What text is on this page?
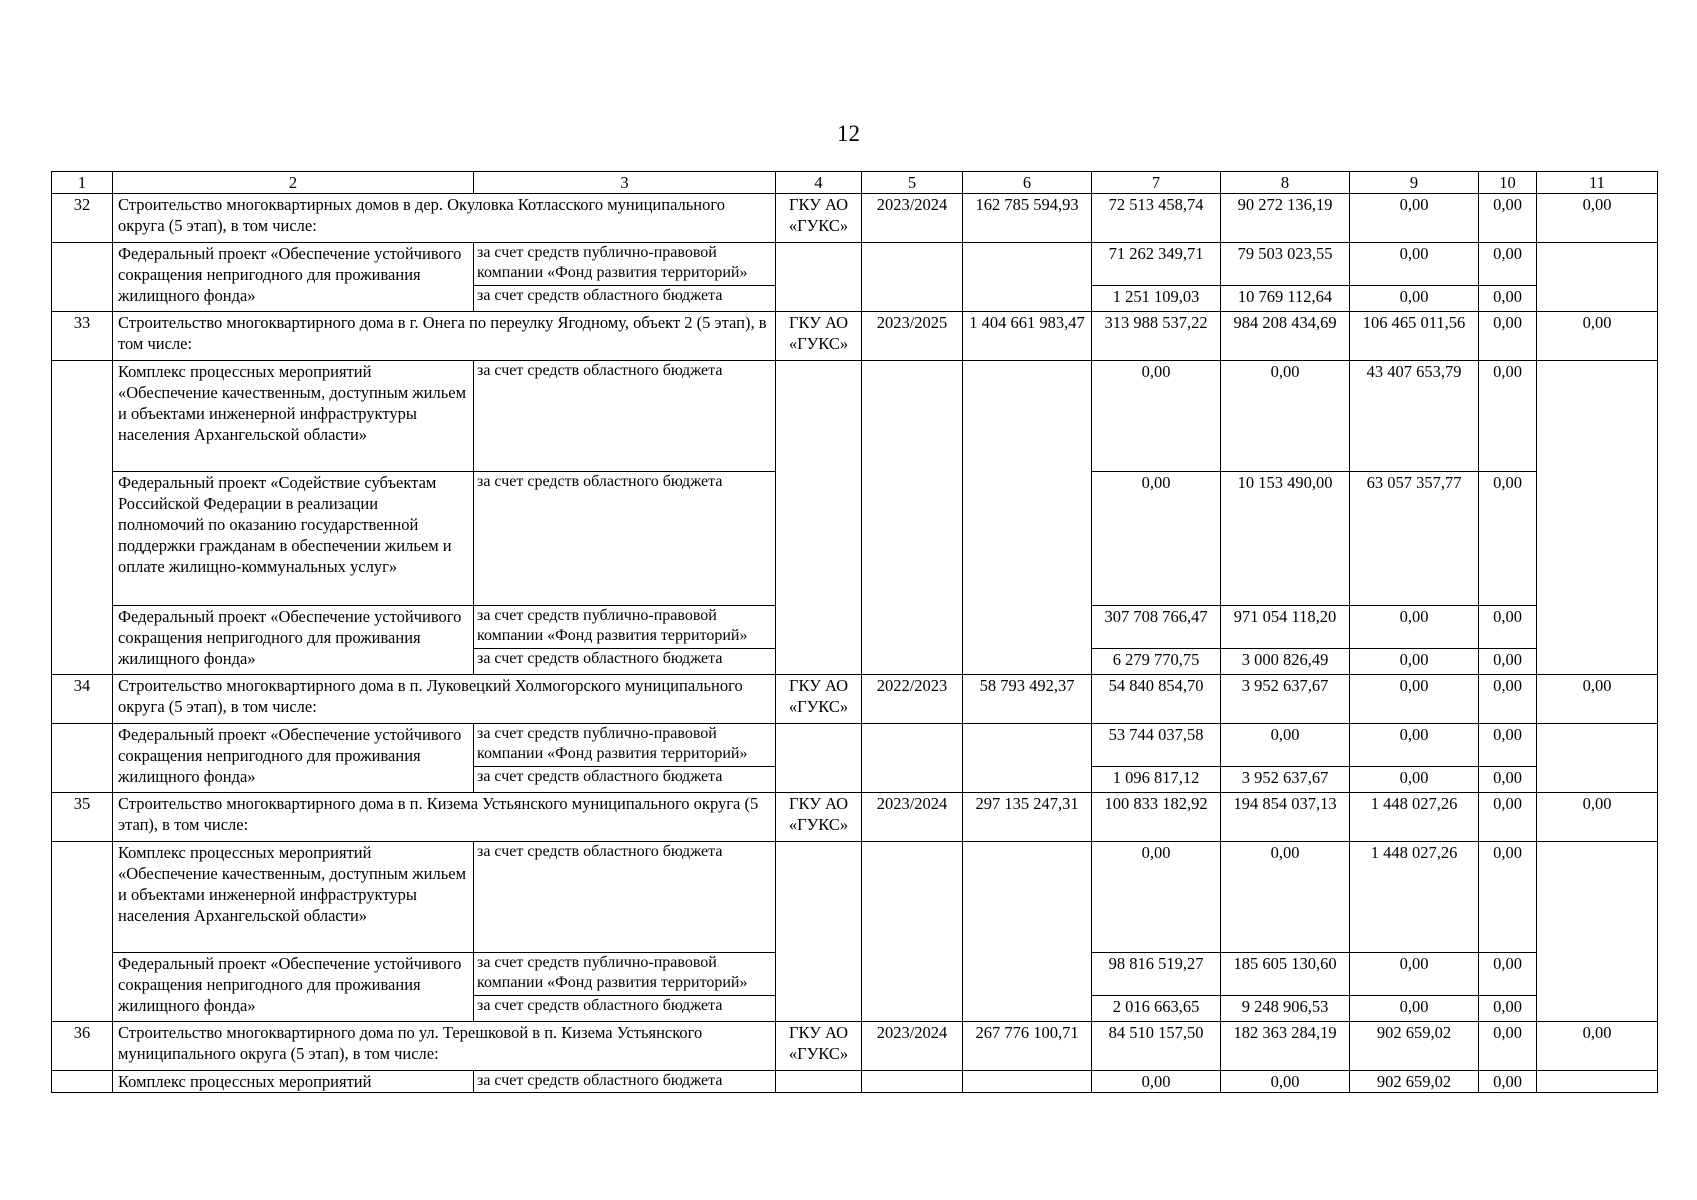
12
1	2	3	4	5	6	7	8	9	10	11
32	Строительство многоквартирных домов в дер. Окуловка Котласского муниципального округа (5 этап), в том числе:		ГКУ АО «ГУКС»	2023/2024	162 785 594,93	72 513 458,74	90 272 136,19	0,00	0,00	0,00
	Федеральный проект «Обеспечение устойчивого сокращения непригодного для проживания жилищного фонда»	за счет средств публично-правовой компании «Фонд развития территорий»				71 262 349,71	79 503 023,55	0,00	0,00	
		за счет средств областного бюджета				1 251 109,03	10 769 112,64	0,00	0,00	
33	Строительство многоквартирного дома в г. Онега по переулку Ягодному, объект 2 (5 этап), в том числе:		ГКУ АО «ГУКС»	2023/2025	1 404 661 983,47	313 988 537,22	984 208 434,69	106 465 011,56	0,00	0,00
	Комплекс процессных мероприятий «Обеспечение качественным, доступным жильем и объектами инженерной инфраструктуры населения Архангельской области»	за счет средств областного бюджета				0,00	0,00	43 407 653,79	0,00	
	Федеральный проект «Содействие субъектам Российской Федерации в реализации полномочий по оказанию государственной поддержки гражданам в обеспечении жильем и оплате жилищно-коммунальных услуг»	за счет средств областного бюджета				0,00	10 153 490,00	63 057 357,77	0,00	
	Федеральный проект «Обеспечение устойчивого сокращения непригодного для проживания жилищного фонда»	за счет средств публично-правовой компании «Фонд развития территорий»				307 708 766,47	971 054 118,20	0,00	0,00	
		за счет средств областного бюджета				6 279 770,75	3 000 826,49	0,00	0,00	

34	Строительство многоквартирного дома в п. Луковецкий Холмогорского муниципального округа (5 этап), в том числе:		ГКУ АО «ГУКС»	2022/2023	58 793 492,37	54 840 854,70	3 952 637,67	0,00	0,00	0,00
	Федеральный проект «Обеспечение устойчивого сокращения непригодного для проживания жилищного фонда»	за счет средств публично-правовой компании «Фонд развития территорий»				53 744 037,58	0,00	0,00	0,00	
		за счет средств областного бюджета				1 096 817,12	3 952 637,67	0,00	0,00	
35	Строительство многоквартирного дома в п. Кизема Устьянского муниципального округа (5 этап), в том числе:		ГКУ АО «ГУКС»	2023/2024	297 135 247,31	100 833 182,92	194 854 037,13	1 448 027,26	0,00	0,00
	Комплекс процессных мероприятий «Обеспечение качественным, доступным жильем и объектами инженерной инфраструктуры населения Архангельской области»	за счет средств областного бюджета				0,00	0,00	1 448 027,26	0,00	
	Федеральный проект «Обеспечение устойчивого сокращения непригодного для проживания жилищного фонда»	за счет средств публично-правовой компании «Фонд развития территорий»				98 816 519,27	185 605 130,60	0,00	0,00	
		за счет средств областного бюджета				2 016 663,65	9 248 906,53	0,00	0,00	
36	Строительство многоквартирного дома по ул. Терешковой в п. Кизема Устьянского муниципального округа (5 этап), в том числе:		ГКУ АО «ГУКС»	2023/2024	267 776 100,71	84 510 157,50	182 363 284,19	902 659,02	0,00	0,00
	Комплекс процессных мероприятий	за счет средств областного бюджета				0,00	0,00	902 659,02	0,00	
